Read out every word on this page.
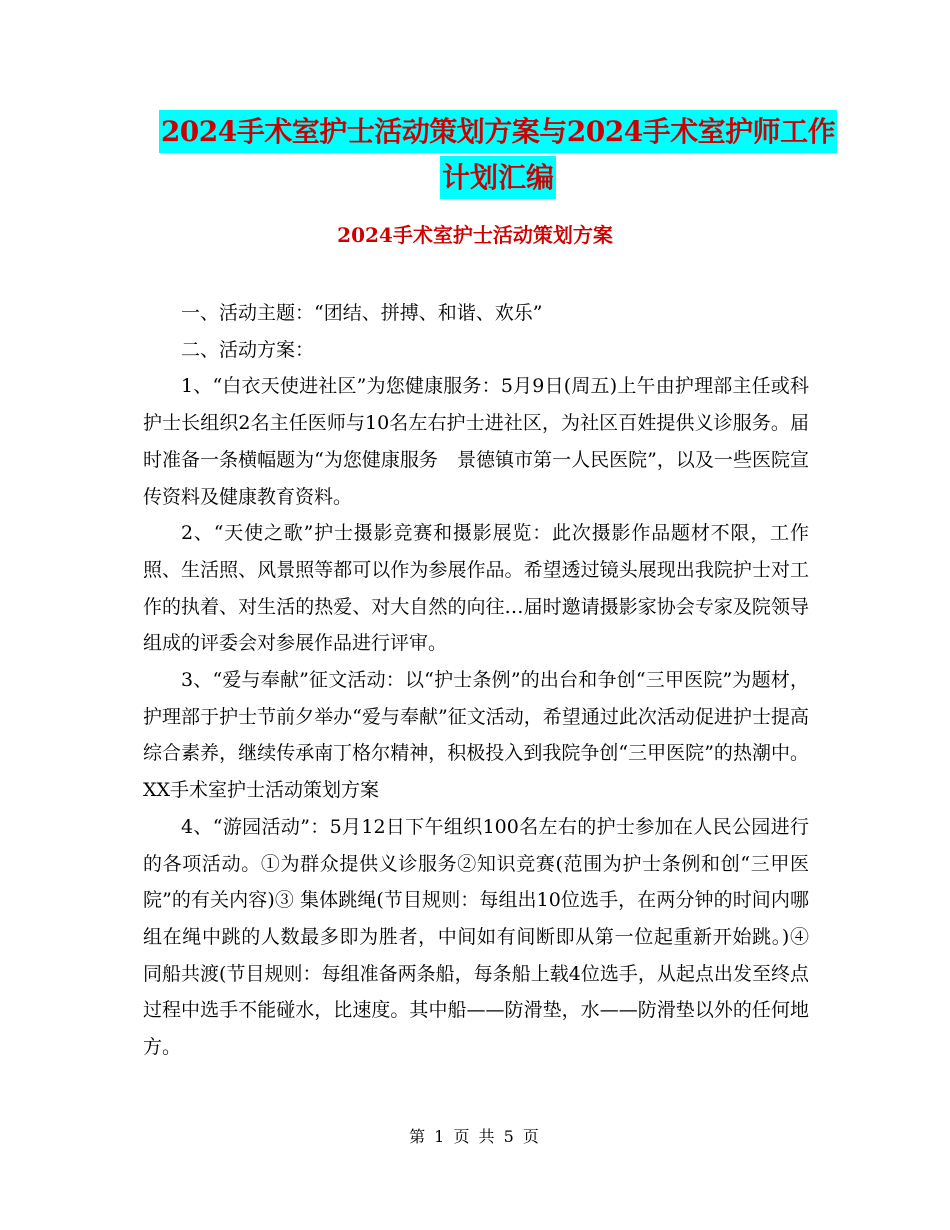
2024手术室护士活动策划方案与2024手术室护师工作
计划汇编
2024手术室护士活动策划方案

一、活动主题：“团结、拼搏、和谐、欢乐”

二、活动方案：

1、“白衣天使进社区”为您健康服务：5月9日(周五)上午由护理部主任或科护士长组织2名主任医师与10名左右护士进社区，为社区百姓提供义诊服务。届时准备一条横幅题为“为您健康服务　景德镇市第一人民医院”，以及一些医院宣传资料及健康教育资料。

2、“天使之歌”护士摄影竞赛和摄影展览：此次摄影作品题材不限，工作照、生活照、风景照等都可以作为参展作品。希望透过镜头展现出我院护士对工作的执着、对生活的热爱、对大自然的向往…届时邀请摄影家协会专家及院领导组成的评委会对参展作品进行评审。

3、“爱与奉献”征文活动：以“护士条例”的出台和争创“三甲医院”为题材，护理部于护士节前夕举办“爱与奉献”征文活动，希望通过此次活动促进护士提高综合素养，继续传承南丁格尔精神，积极投入到我院争创“三甲医院”的热潮中。XX手术室护士活动策划方案

4、“游园活动”：5月12日下午组织100名左右的护士参加在人民公园进行的各项活动。①为群众提供义诊服务②知识竞赛(范围为护士条例和创“三甲医院”的有关内容)③ 集体跳绳(节目规则：每组出10位选手，在两分钟的时间内哪组在绳中跳的人数最多即为胜者，中间如有间断即从第一位起重新开始跳。)④ 同船共渡(节目规则：每组准备两条船，每条船上载4位选手，从起点出发至终点过程中选手不能碰水，比速度。其中船——防滑垫，水——防滑垫以外的任何地方。

第 1 页 共 5 页
